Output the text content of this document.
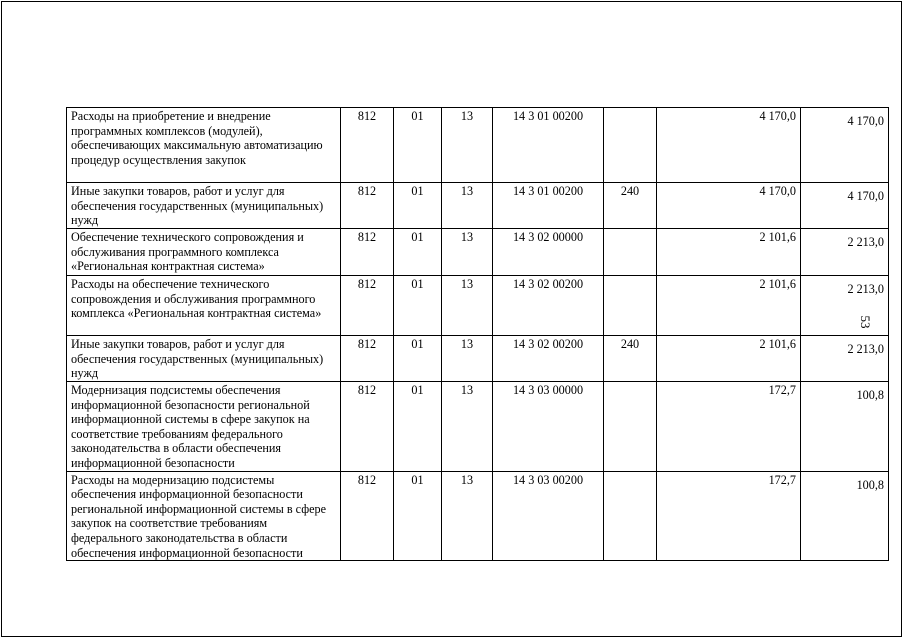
Расходы на приобретение и внедрение программных комплексов (модулей), обеспечивающих максимальную автоматизацию процедур осуществления закупок	812	01	13	14 3 01 00200		4 170,0	4 170,0
Иные закупки товаров, работ и услуг для обеспечения государственных (муниципальных) нужд	812	01	13	14 3 01 00200	240	4 170,0	4 170,0
Обеспечение технического сопровождения и обслуживания программного комплекса «Региональная контрактная система»	812	01	13	14 3 02 00000		2 101,6	2 213,0
Расходы на обеспечение технического сопровождения и обслуживания программного комплекса «Региональная контрактная система»	812	01	13	14 3 02 00200		2 101,6	2 213,0
Иные закупки товаров, работ и услуг для обеспечения государственных (муниципальных) нужд	812	01	13	14 3 02 00200	240	2 101,6	2 213,0
Модернизация подсистемы обеспечения информационной безопасности региональной информационной системы в сфере закупок на соответствие требованиям федерального законодательства в области обеспечения информационной безопасности	812	01	13	14 3 03 00000		172,7	100,8
Расходы на модернизацию подсистемы обеспечения информационной безопасности региональной информационной системы в сфере закупок на соответствие требованиям федерального законодательства в области обеспечения информационной безопасности	812	01	13	14 3 03 00200		172,7	100,8
53
